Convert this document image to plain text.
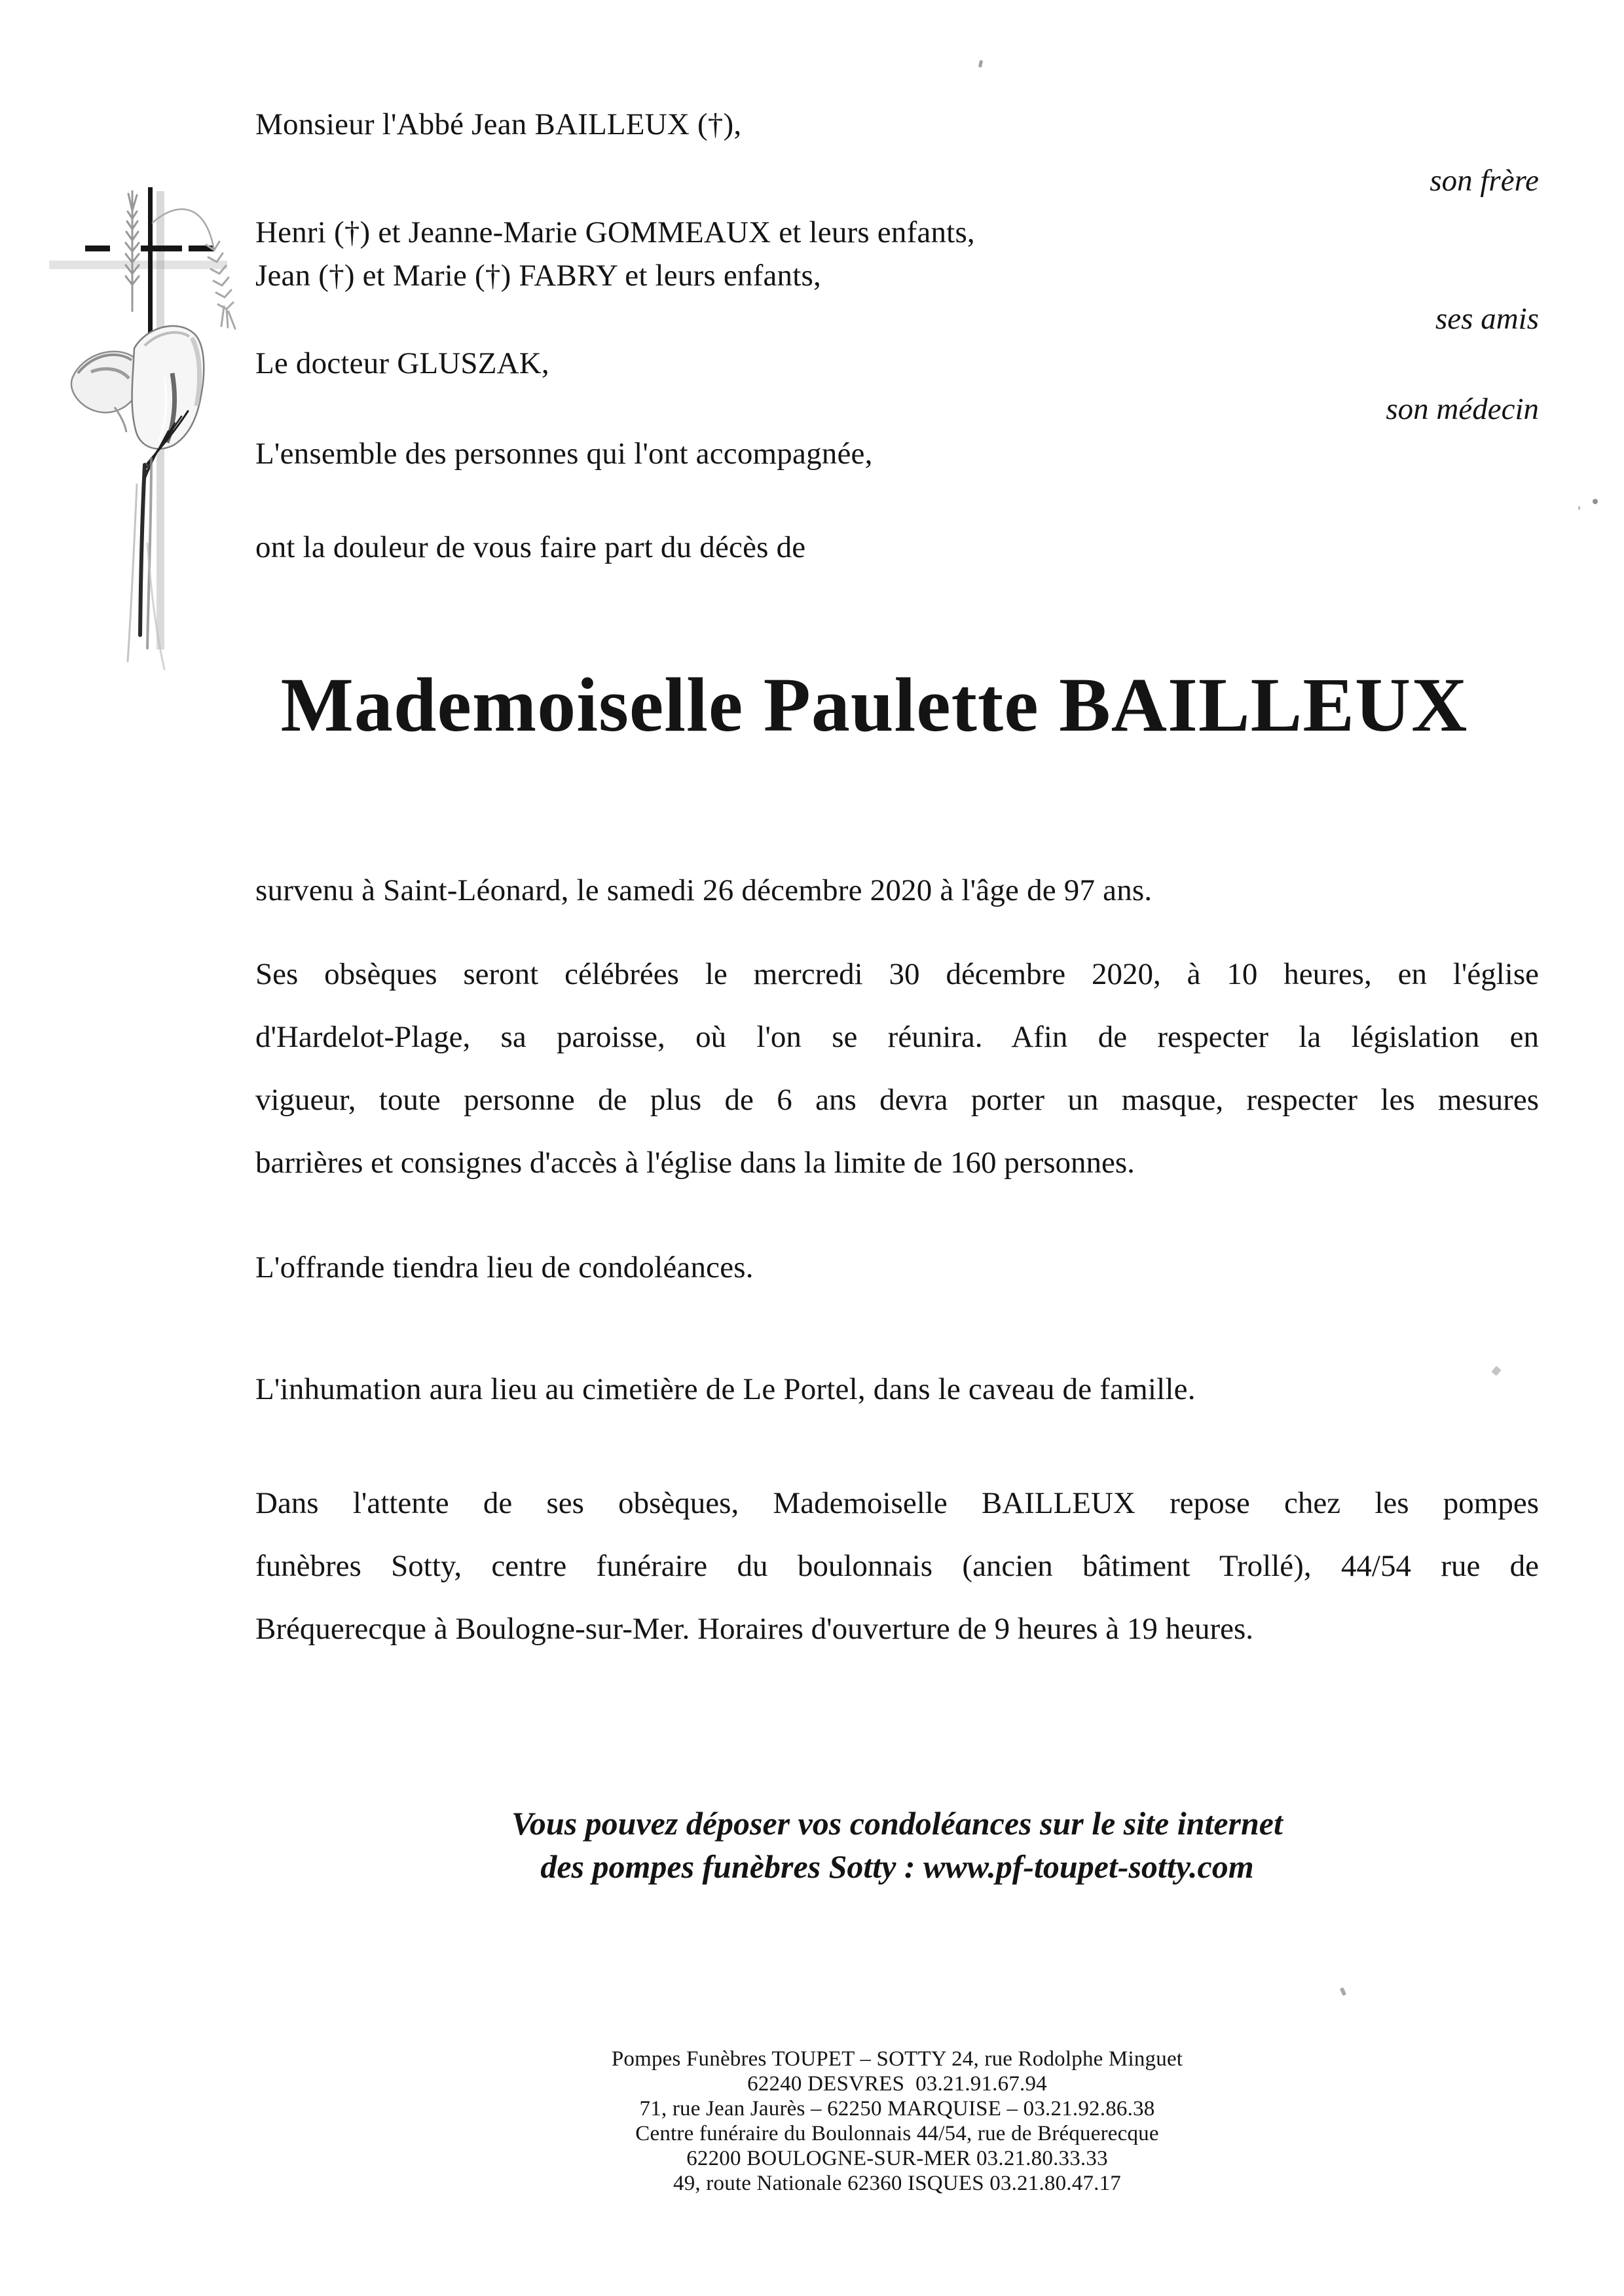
Monsieur l'Abbé Jean BAILLEUX (†),
son frère
Henri (†) et Jeanne-Marie GOMMEAUX et leurs enfants,
Jean (†) et Marie (†) FABRY et leurs enfants,
ses amis
Le docteur GLUSZAK,
son médecin
L'ensemble des personnes qui l'ont accompagnée,
ont la douleur de vous faire part du décès de
Mademoiselle Paulette BAILLEUX
survenu à Saint-Léonard, le samedi 26 décembre 2020 à l'âge de 97 ans.
Ses obsèques seront célébrées le mercredi 30 décembre 2020, à 10 heures, en l'église
d'Hardelot-Plage, sa paroisse, où l'on se réunira. Afin de respecter la législation en
vigueur, toute personne de plus de 6 ans devra porter un masque, respecter les mesures
barrières et consignes d'accès à l'église dans la limite de 160 personnes.
L'offrande tiendra lieu de condoléances.
L'inhumation aura lieu au cimetière de Le Portel, dans le caveau de famille.
Dans l'attente de ses obsèques, Mademoiselle BAILLEUX repose chez les pompes
funèbres Sotty, centre funéraire du boulonnais (ancien bâtiment Trollé), 44/54 rue de
Bréquerecque à Boulogne-sur-Mer. Horaires d'ouverture de 9 heures à 19 heures.
Vous pouvez déposer vos condoléances sur le site internet
des pompes funèbres Sotty : www.pf-toupet-sotty.com
Pompes Funèbres TOUPET – SOTTY 24, rue Rodolphe Minguet
62240 DESVRES  03.21.91.67.94
71, rue Jean Jaurès – 62250 MARQUISE – 03.21.92.86.38
Centre funéraire du Boulonnais 44/54, rue de Bréquerecque
62200 BOULOGNE-SUR-MER 03.21.80.33.33
49, route Nationale 62360 ISQUES 03.21.80.47.17
